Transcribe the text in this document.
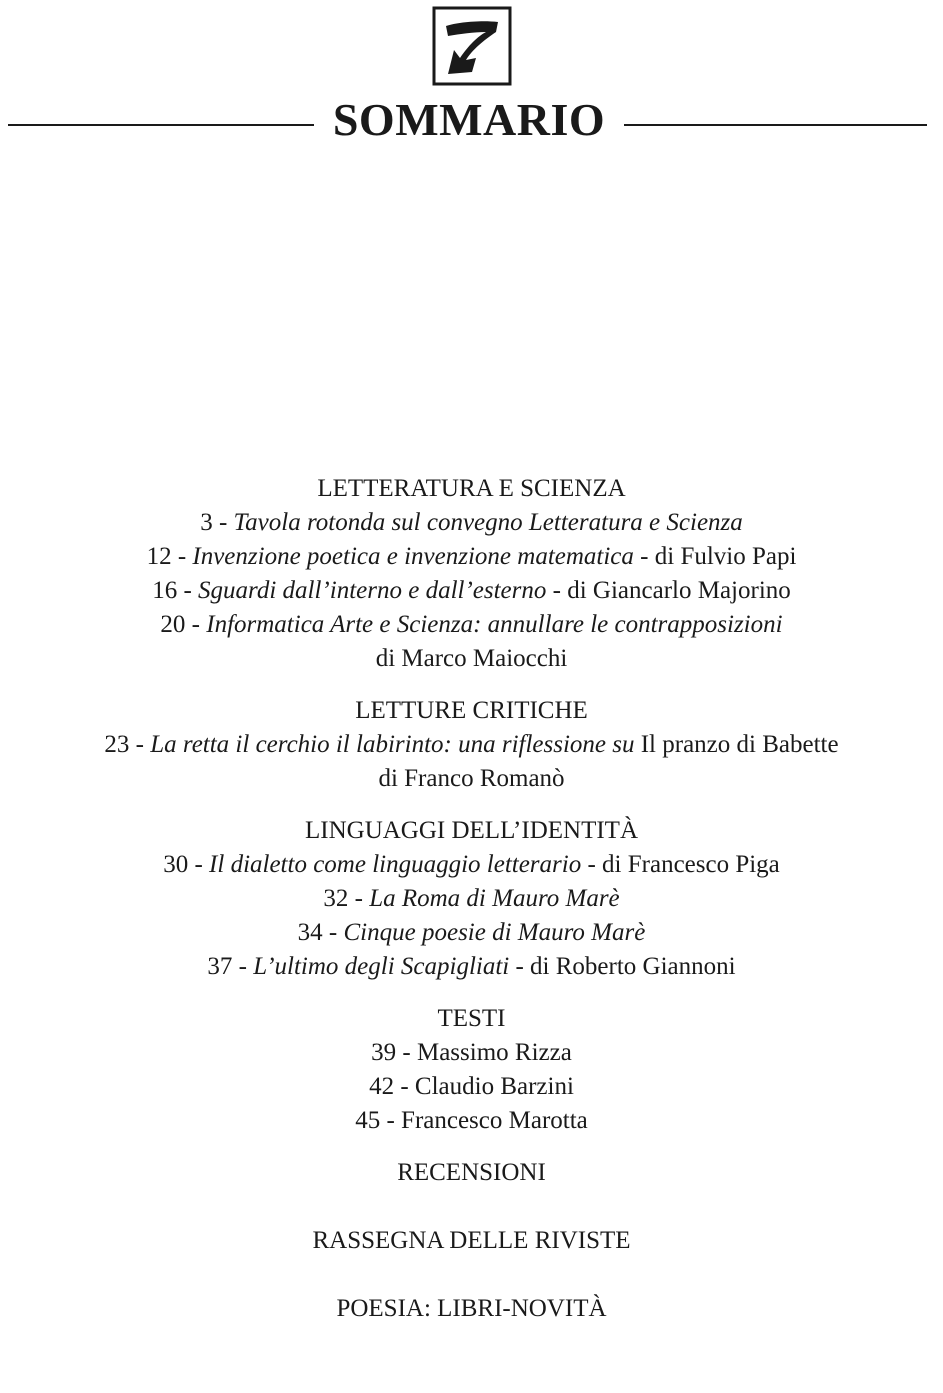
SOMMARIO
LETTERATURA E SCIENZA
3 - Tavola rotonda sul convegno Letteratura e Scienza
12 - Invenzione poetica e invenzione matematica - di Fulvio Papi
16 - Sguardi dall’interno e dall’esterno - di Giancarlo Majorino
20 - Informatica Arte e Scienza: annullare le contrapposizioni
di Marco Maiocchi
LETTURE CRITICHE
23 - La retta il cerchio il labirinto: una riflessione su Il pranzo di Babette
di Franco Romanò
LINGUAGGI DELL’IDENTITÀ
30 - Il dialetto come linguaggio letterario - di Francesco Piga
32 - La Roma di Mauro Marè
34 - Cinque poesie di Mauro Marè
37 - L’ultimo degli Scapigliati - di Roberto Giannoni
TESTI
39 - Massimo Rizza
42 - Claudio Barzini
45 - Francesco Marotta
RECENSIONI
RASSEGNA DELLE RIVISTE
POESIA: LIBRI-NOVITÀ
